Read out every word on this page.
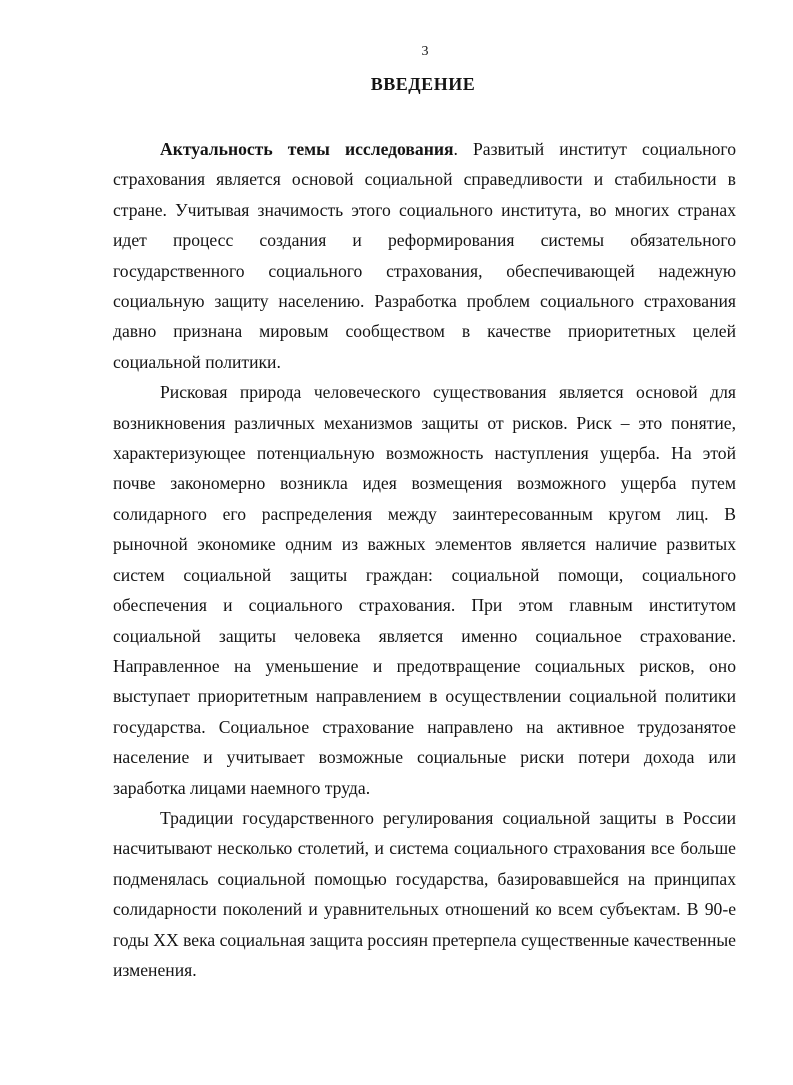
3
ВВЕДЕНИЕ

Актуальность темы исследования. Развитый институт социального страхования является основой социальной справедливости и стабильности в стране. Учитывая значимость этого социального института, во многих странах идет процесс создания и реформирования системы обязательного государственного социального страхования, обеспечивающей надежную социальную защиту населению. Разработка проблем социального страхования давно признана мировым сообществом в качестве приоритетных целей социальной политики.

Рисковая природа человеческого существования является основой для возникновения различных механизмов защиты от рисков. Риск – это понятие, характеризующее потенциальную возможность наступления ущерба. На этой почве закономерно возникла идея возмещения возможного ущерба путем солидарного его распределения между заинтересованным кругом лиц. В рыночной экономике одним из важных элементов является наличие развитых систем социальной защиты граждан: социальной помощи, социального обеспечения и социального страхования. При этом главным институтом социальной защиты человека является именно социальное страхование. Направленное на уменьшение и предотвращение социальных рисков, оно выступает приоритетным направлением в осуществлении социальной политики государства. Социальное страхование направлено на активное трудозанятое население и учитывает возможные социальные риски потери дохода или заработка лицами наемного труда.

Традиции государственного регулирования социальной защиты в России насчитывают несколько столетий, и система социального страхования все больше подменялась социальной помощью государства, базировавшейся на принципах солидарности поколений и уравнительных отношений ко всем субъектам. В 90-е годы XX века социальная защита россиян претерпела существенные качественные изменения.
